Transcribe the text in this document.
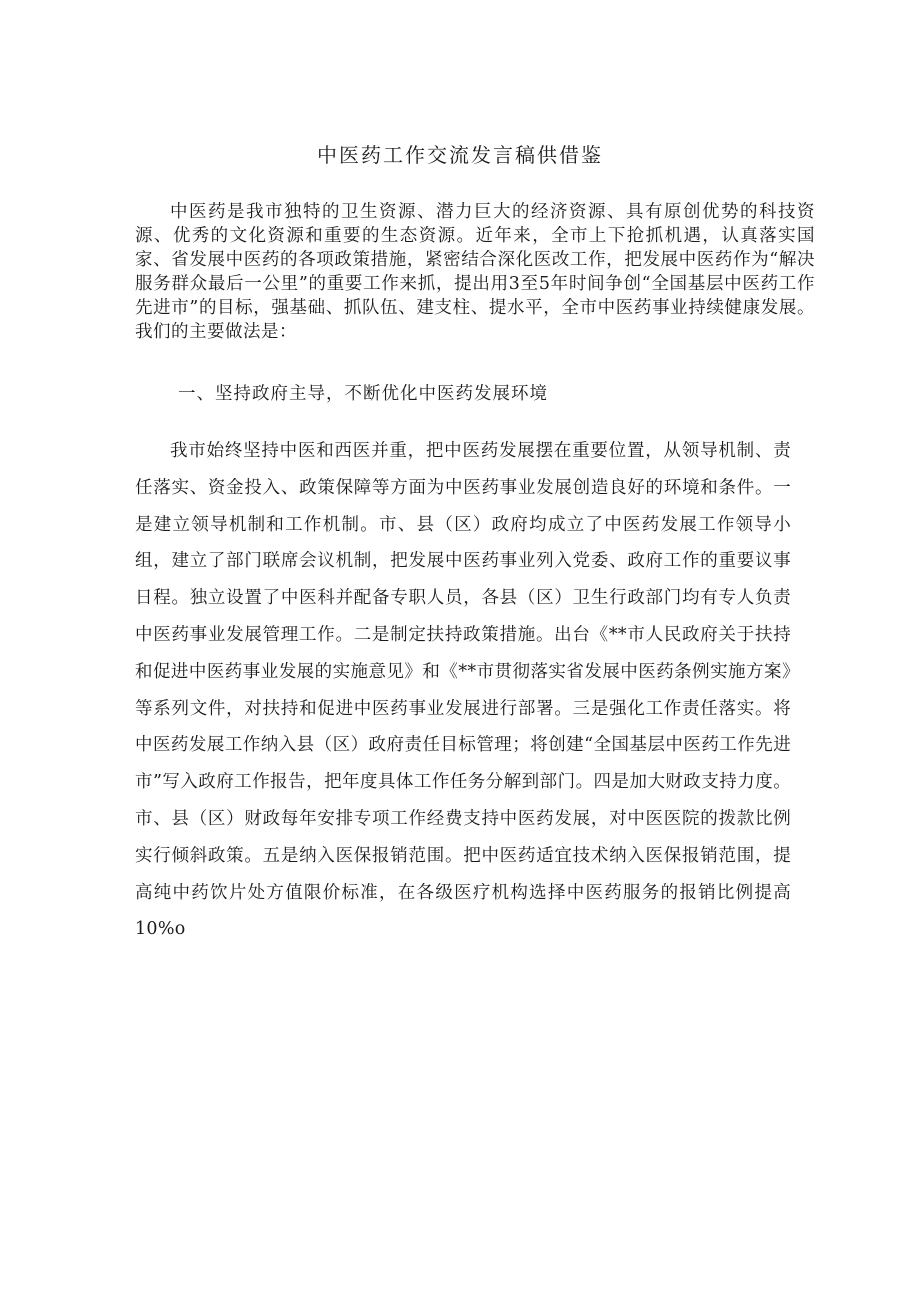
中医药工作交流发言稿供借鉴

中医药是我市独特的卫生资源、潜力巨大的经济资源、具有原创优势的科技资源、优秀的文化资源和重要的生态资源。近年来，全市上下抢抓机遇，认真落实国家、省发展中医药的各项政策措施，紧密结合深化医改工作，把发展中医药作为“解决服务群众最后一公里”的重要工作来抓，提出用3至5年时间争创“全国基层中医药工作先进市”的目标，强基础、抓队伍、建支柱、提水平，全市中医药事业持续健康发展。我们的主要做法是：

一、坚持政府主导，不断优化中医药发展环境

我市始终坚持中医和西医并重，把中医药发展摆在重要位置，从领导机制、责任落实、资金投入、政策保障等方面为中医药事业发展创造良好的环境和条件。一是建立领导机制和工作机制。市、县（区）政府均成立了中医药发展工作领导小组，建立了部门联席会议机制，把发展中医药事业列入党委、政府工作的重要议事日程。独立设置了中医科并配备专职人员，各县（区）卫生行政部门均有专人负责中医药事业发展管理工作。二是制定扶持政策措施。出台《**市人民政府关于扶持和促进中医药事业发展的实施意见》和《**市贯彻落实省发展中医药条例实施方案》等系列文件，对扶持和促进中医药事业发展进行部署。三是强化工作责任落实。将中医药发展工作纳入县（区）政府责任目标管理；将创建“全国基层中医药工作先进市”写入政府工作报告，把年度具体工作任务分解到部门。四是加大财政支持力度。市、县（区）财政每年安排专项工作经费支持中医药发展，对中医医院的拨款比例实行倾斜政策。五是纳入医保报销范围。把中医药适宜技术纳入医保报销范围，提高纯中药饮片处方值限价标准，在各级医疗机构选择中医药服务的报销比例提高10%o
